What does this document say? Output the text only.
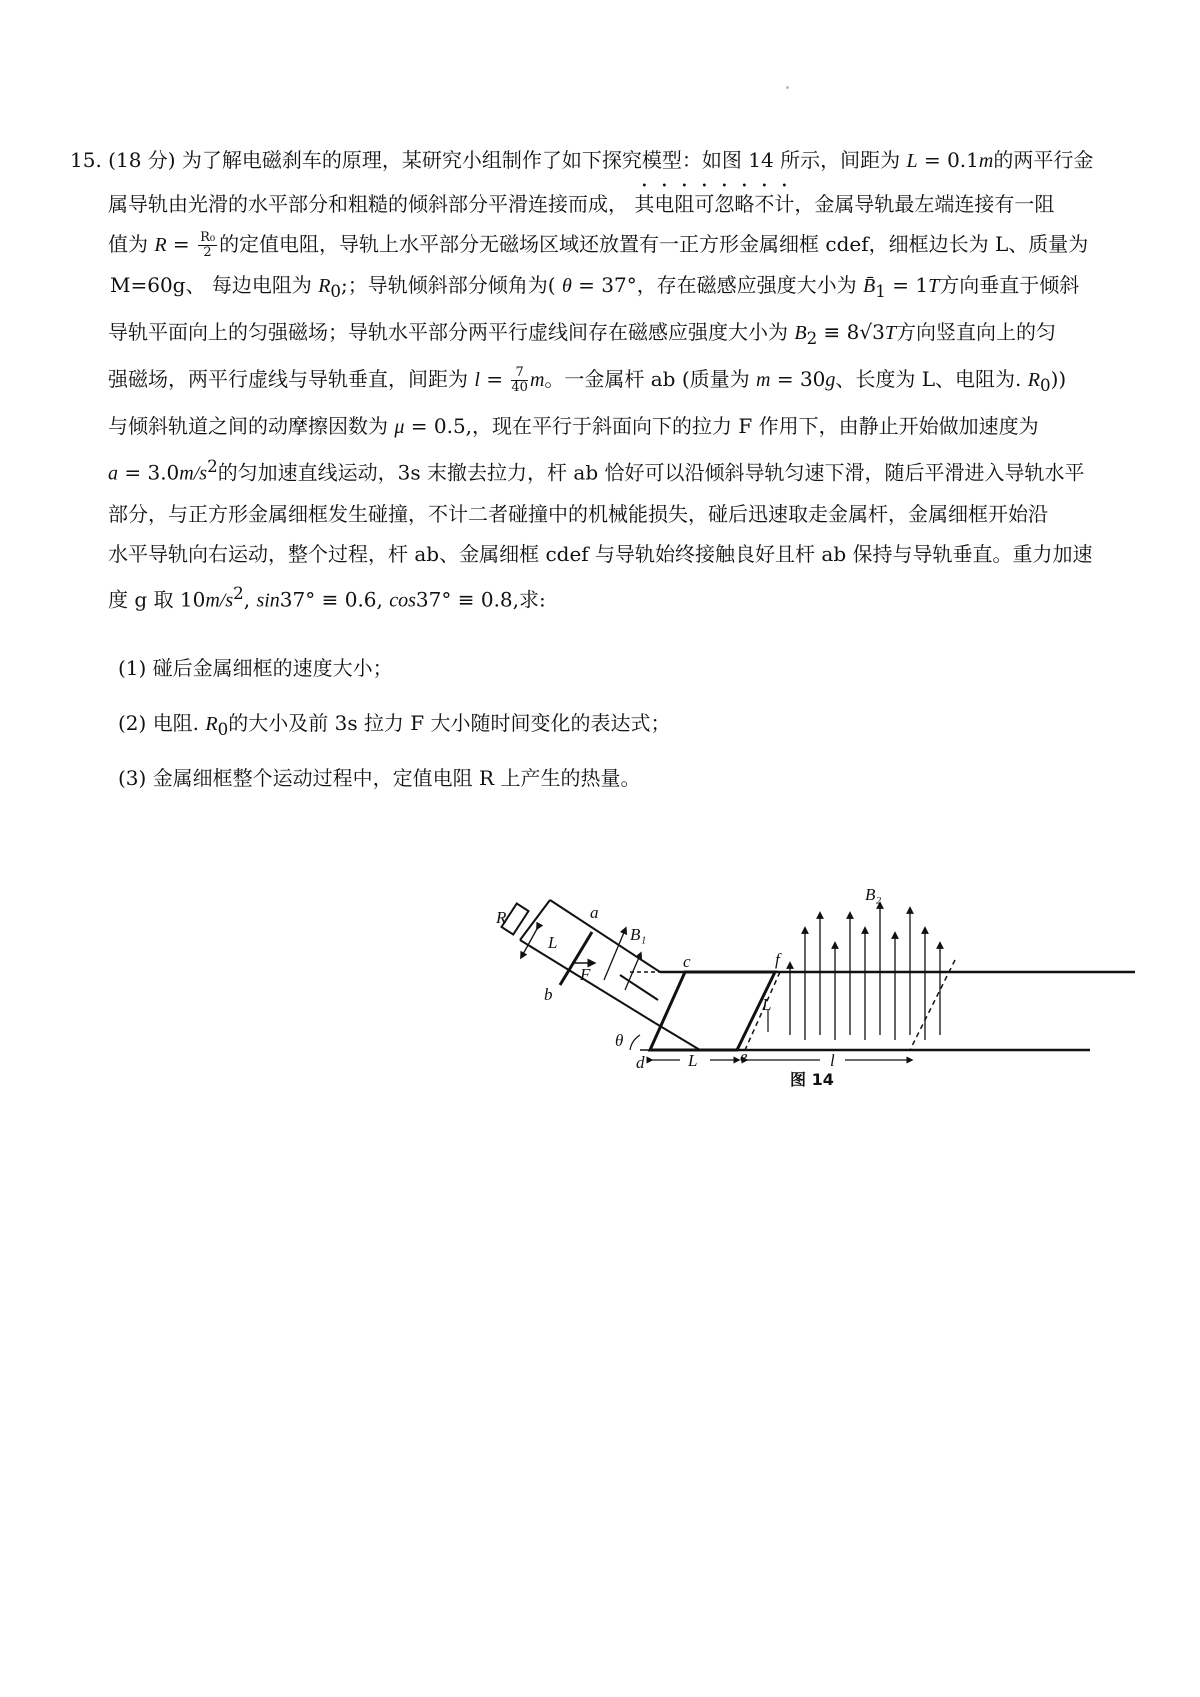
15. (18 分) 为了解电磁刹车的原理，某研究小组制作了如下探究模型：如图 14 所示，间距为 L = 0.1m的两平行金

属导轨由光滑的水平部分和粗糙的倾斜部分平滑连接而成， 其电阻可忽略不计，金属导轨最左端连接有一阻

值为 $R = \frac{\text{R₀}}{2}$ 的定值电阻，导轨上水平部分无磁场区域还放置有一正方形金属细框 cdef，细框边长为 L、质量为

M=60g、 每边电阻为 $R_0$;；导轨倾斜部分倾角为( θ = 37°，存在磁感应强度大小为 $B̄_1 = 1T$方向垂直于倾斜

导轨平面向上的匀强磁场；导轨水平部分两平行虚线间存在磁感应强度大小为 $B_2 \equiv 8√3T$方向竖直向上的匀

强磁场，两平行虚线与导轨垂直，间距为 $l = \frac{7}{40}$ m。一金属杆 ab (质量为 m = 30g、长度为 L、电阻为. $R_0$))

与倾斜轨道之间的动摩擦因数为 μ = 0.5,，现在平行于斜面向下的拉力 F 作用下，由静止开始做加速度为

$a = 3.0m/s^2$的匀加速直线运动，3s 末撤去拉力，杆 ab 恰好可以沿倾斜导轨匀速下滑，随后平滑进入导轨水平

部分，与正方形金属细框发生碰撞，不计二者碰撞中的机械能损失，碰后迅速取走金属杆，金属细框开始沿

水平导轨向右运动，整个过程，杆 ab、金属细框 cdef 与导轨始终接触良好且杆 ab 保持与导轨垂直。重力加速

度 g 取 $10m/s^2$, sin37° ≡ 0.6, cos37° ≡ 0.8,求:

(1) 碰后金属细框的速度大小；
(2) 电阻. $R_0$的大小及前 3s 拉力 F 大小随时间变化的表达式；
(3) 金属细框整个运动过程中，定值电阻 R 上产生的热量。
R	a
b
L
F
B₁
c
d	e
f
L
L
θ
B₂
l
图 14
